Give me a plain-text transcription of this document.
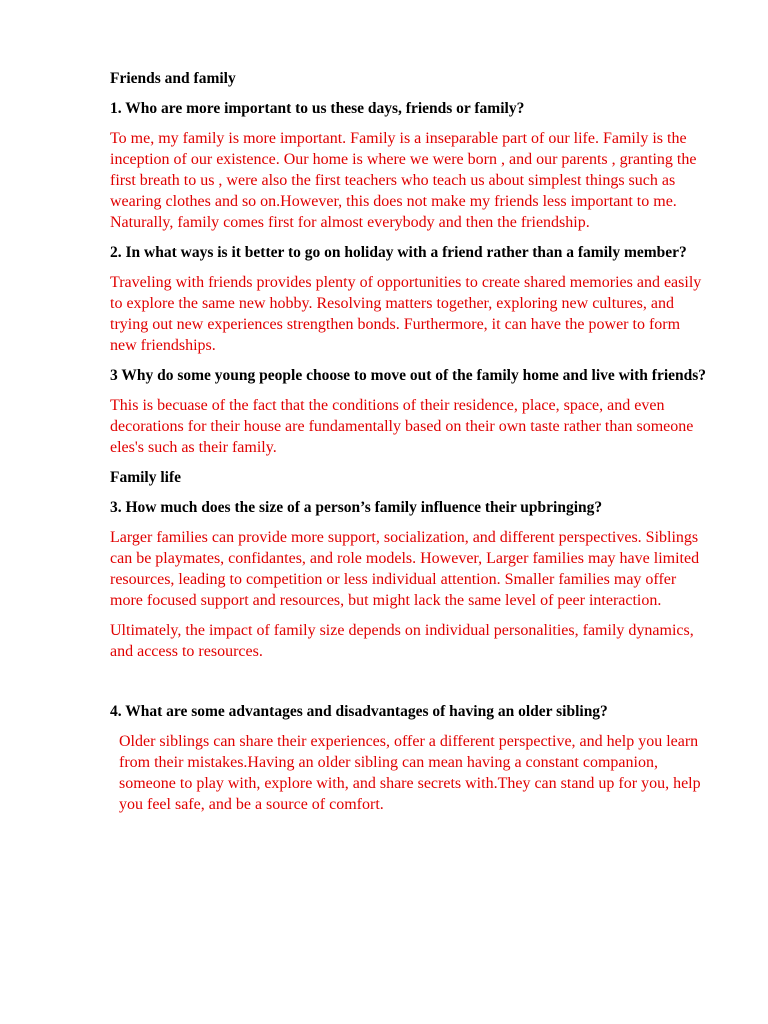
Friends and family

1. Who are more important to us these days, friends or family?

To me, my family is more important. Family is a inseparable part of our life. Family is the inception of our existence. Our home is where we were born , and our parents , granting the first breath to us , were also the first teachers who teach us about simplest things such as wearing clothes and so on.However, this does not make my friends less important to me. Naturally, family comes first for almost everybody and then the friendship.

2. In what ways is it better to go on holiday with a friend rather than a family member?

Traveling with friends provides plenty of opportunities to create shared memories and easily to explore the same new hobby. Resolving matters together, exploring new cultures, and trying out new experiences strengthen bonds. Furthermore, it can have the power to form new friendships.

3 Why do some young people choose to move out of the family home and live with friends?

This is becuase of the fact that the conditions of their residence, place, space, and even decorations for their house are fundamentally based on their own taste rather than someone eles's such as their family.

Family life

3. How much does the size of a person’s family influence their upbringing?

Larger families can provide more support, socialization, and different perspectives. Siblings can be playmates, confidantes, and role models. However, Larger families may have limited resources, leading to competition or less individual attention. Smaller families may offer more focused support and resources, but might lack the same level of peer interaction.

Ultimately, the impact of family size depends on individual personalities, family dynamics, and access to resources.

4. What are some advantages and disadvantages of having an older sibling?

Older siblings can share their experiences, offer a different perspective, and help you learn from their mistakes.Having an older sibling can mean having a constant companion, someone to play with, explore with, and share secrets with.They can stand up for you, help you feel safe, and be a source of comfort.
